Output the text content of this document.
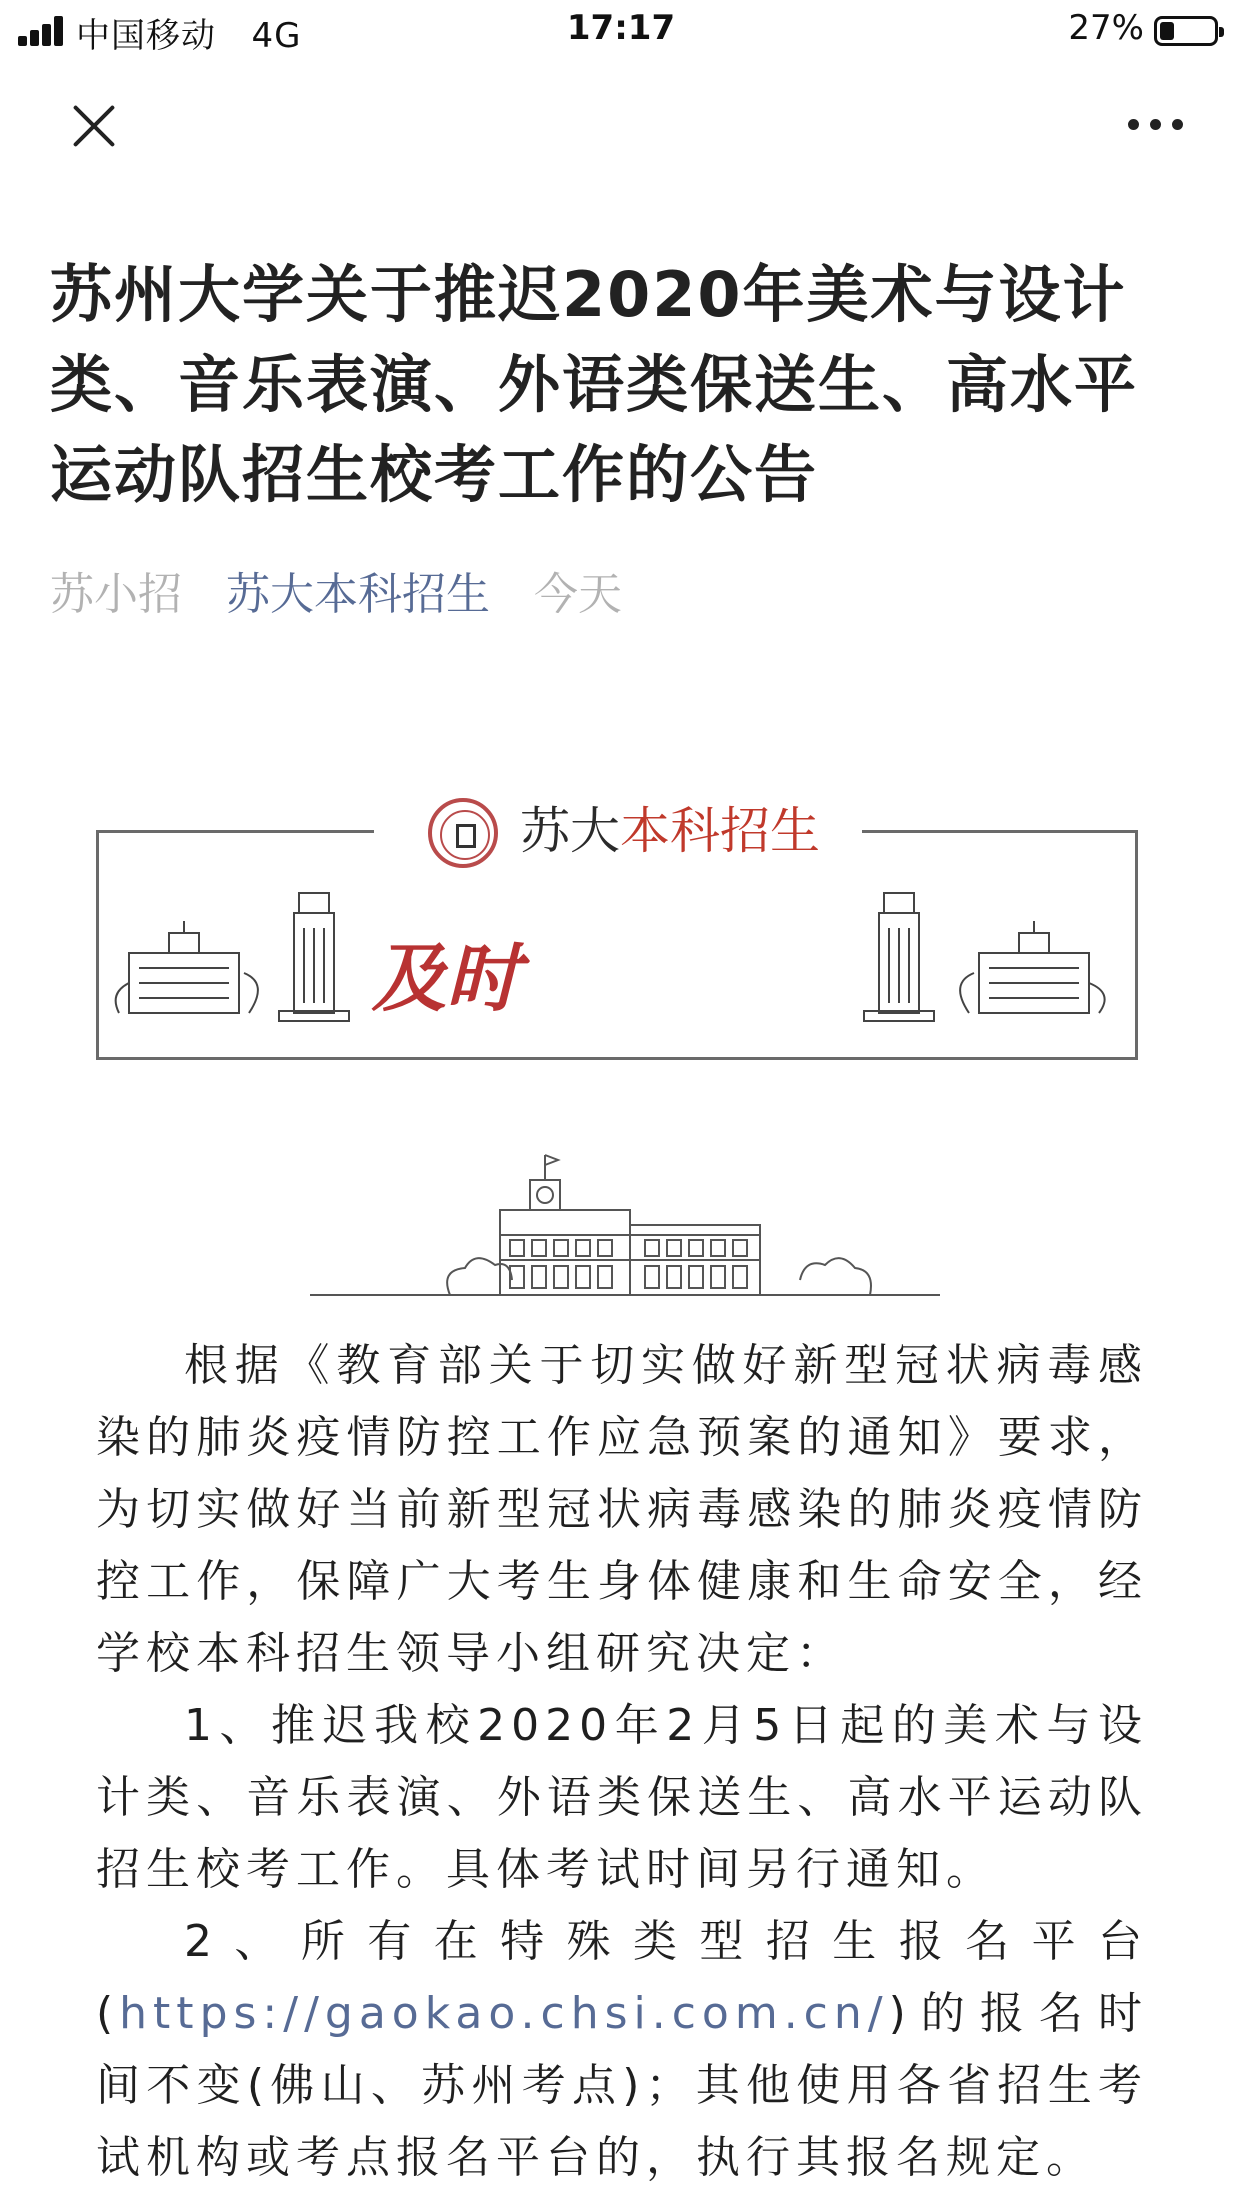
中国移动 4G	17:17	27%
苏州大学关于推迟2020年美术与设计类、音乐表演、外语类保送生、高水平运动队招生校考工作的公告
苏小招 苏大本科招生 今天
苏大本科招生
及时

根据《教育部关于切实做好新型冠状病毒感染的肺炎疫情防控工作应急预案的通知》要求，为切实做好当前新型冠状病毒感染的肺炎疫情防控工作，保障广大考生身体健康和生命安全，经学校本科招生领导小组研究决定：

1、推迟我校2020年2月5日起的美术与设计类、音乐表演、外语类保送生、高水平运动队招生校考工作。具体考试时间另行通知。

2、所有在特殊类型招生报名平台(https://gaokao.chsi.com.cn/)的报名时间不变(佛山、苏州考点)；其他使用各省招生考试机构或考点报名平台的，执行其报名规定。
